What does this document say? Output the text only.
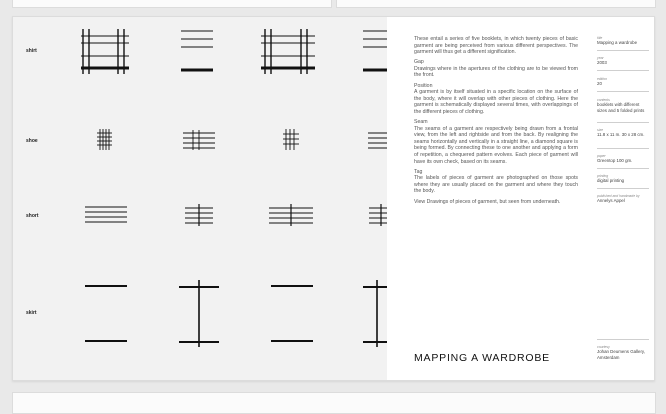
shirt
shoe
short
skirt

These entail a series of five booklets, in which twenty pieces of basic garment are being perceived from various different perspectives. The garment will thus get a different signification.

Gap
Drawings where in the apertures of the clothing are to be viewed from the front.

Position
A garment is by itself situated in a specific location on the surface of the body, where it will overlap with other pieces of clothing. Here the garment is schematically displayed several times, with overlappings of the different pieces of clothing.

Seam
The seams of a garment are respectively being drawn from a frontal view, from the left and rightside and from the back. By realigning the seams horizontally and vertically in a straight line, a diamond square is being formed. By connecting these to one another and applying a form of repetition, a chequered pattern evolves. Each piece of garment will have its own check, based on its seams.

Tag
The labels of pieces of garment are photographed on those spots where they are usually placed on the garment and where they touch the body.

View Drawings of pieces of garment, but seen from underneath.

MAPPING A WARDROBE
title
Mapping a wardrobe
year
2003
edition
20
contents
booklets with different sizes and 5 folded prints
size
11.8 x 11 m. 30 x 28 cm.
paper
Greentop 100 gm.
printing
digital printing
published and handmade by
Annelys Appel
courtesy
Johan Deumens Gallery, Amsterdam
